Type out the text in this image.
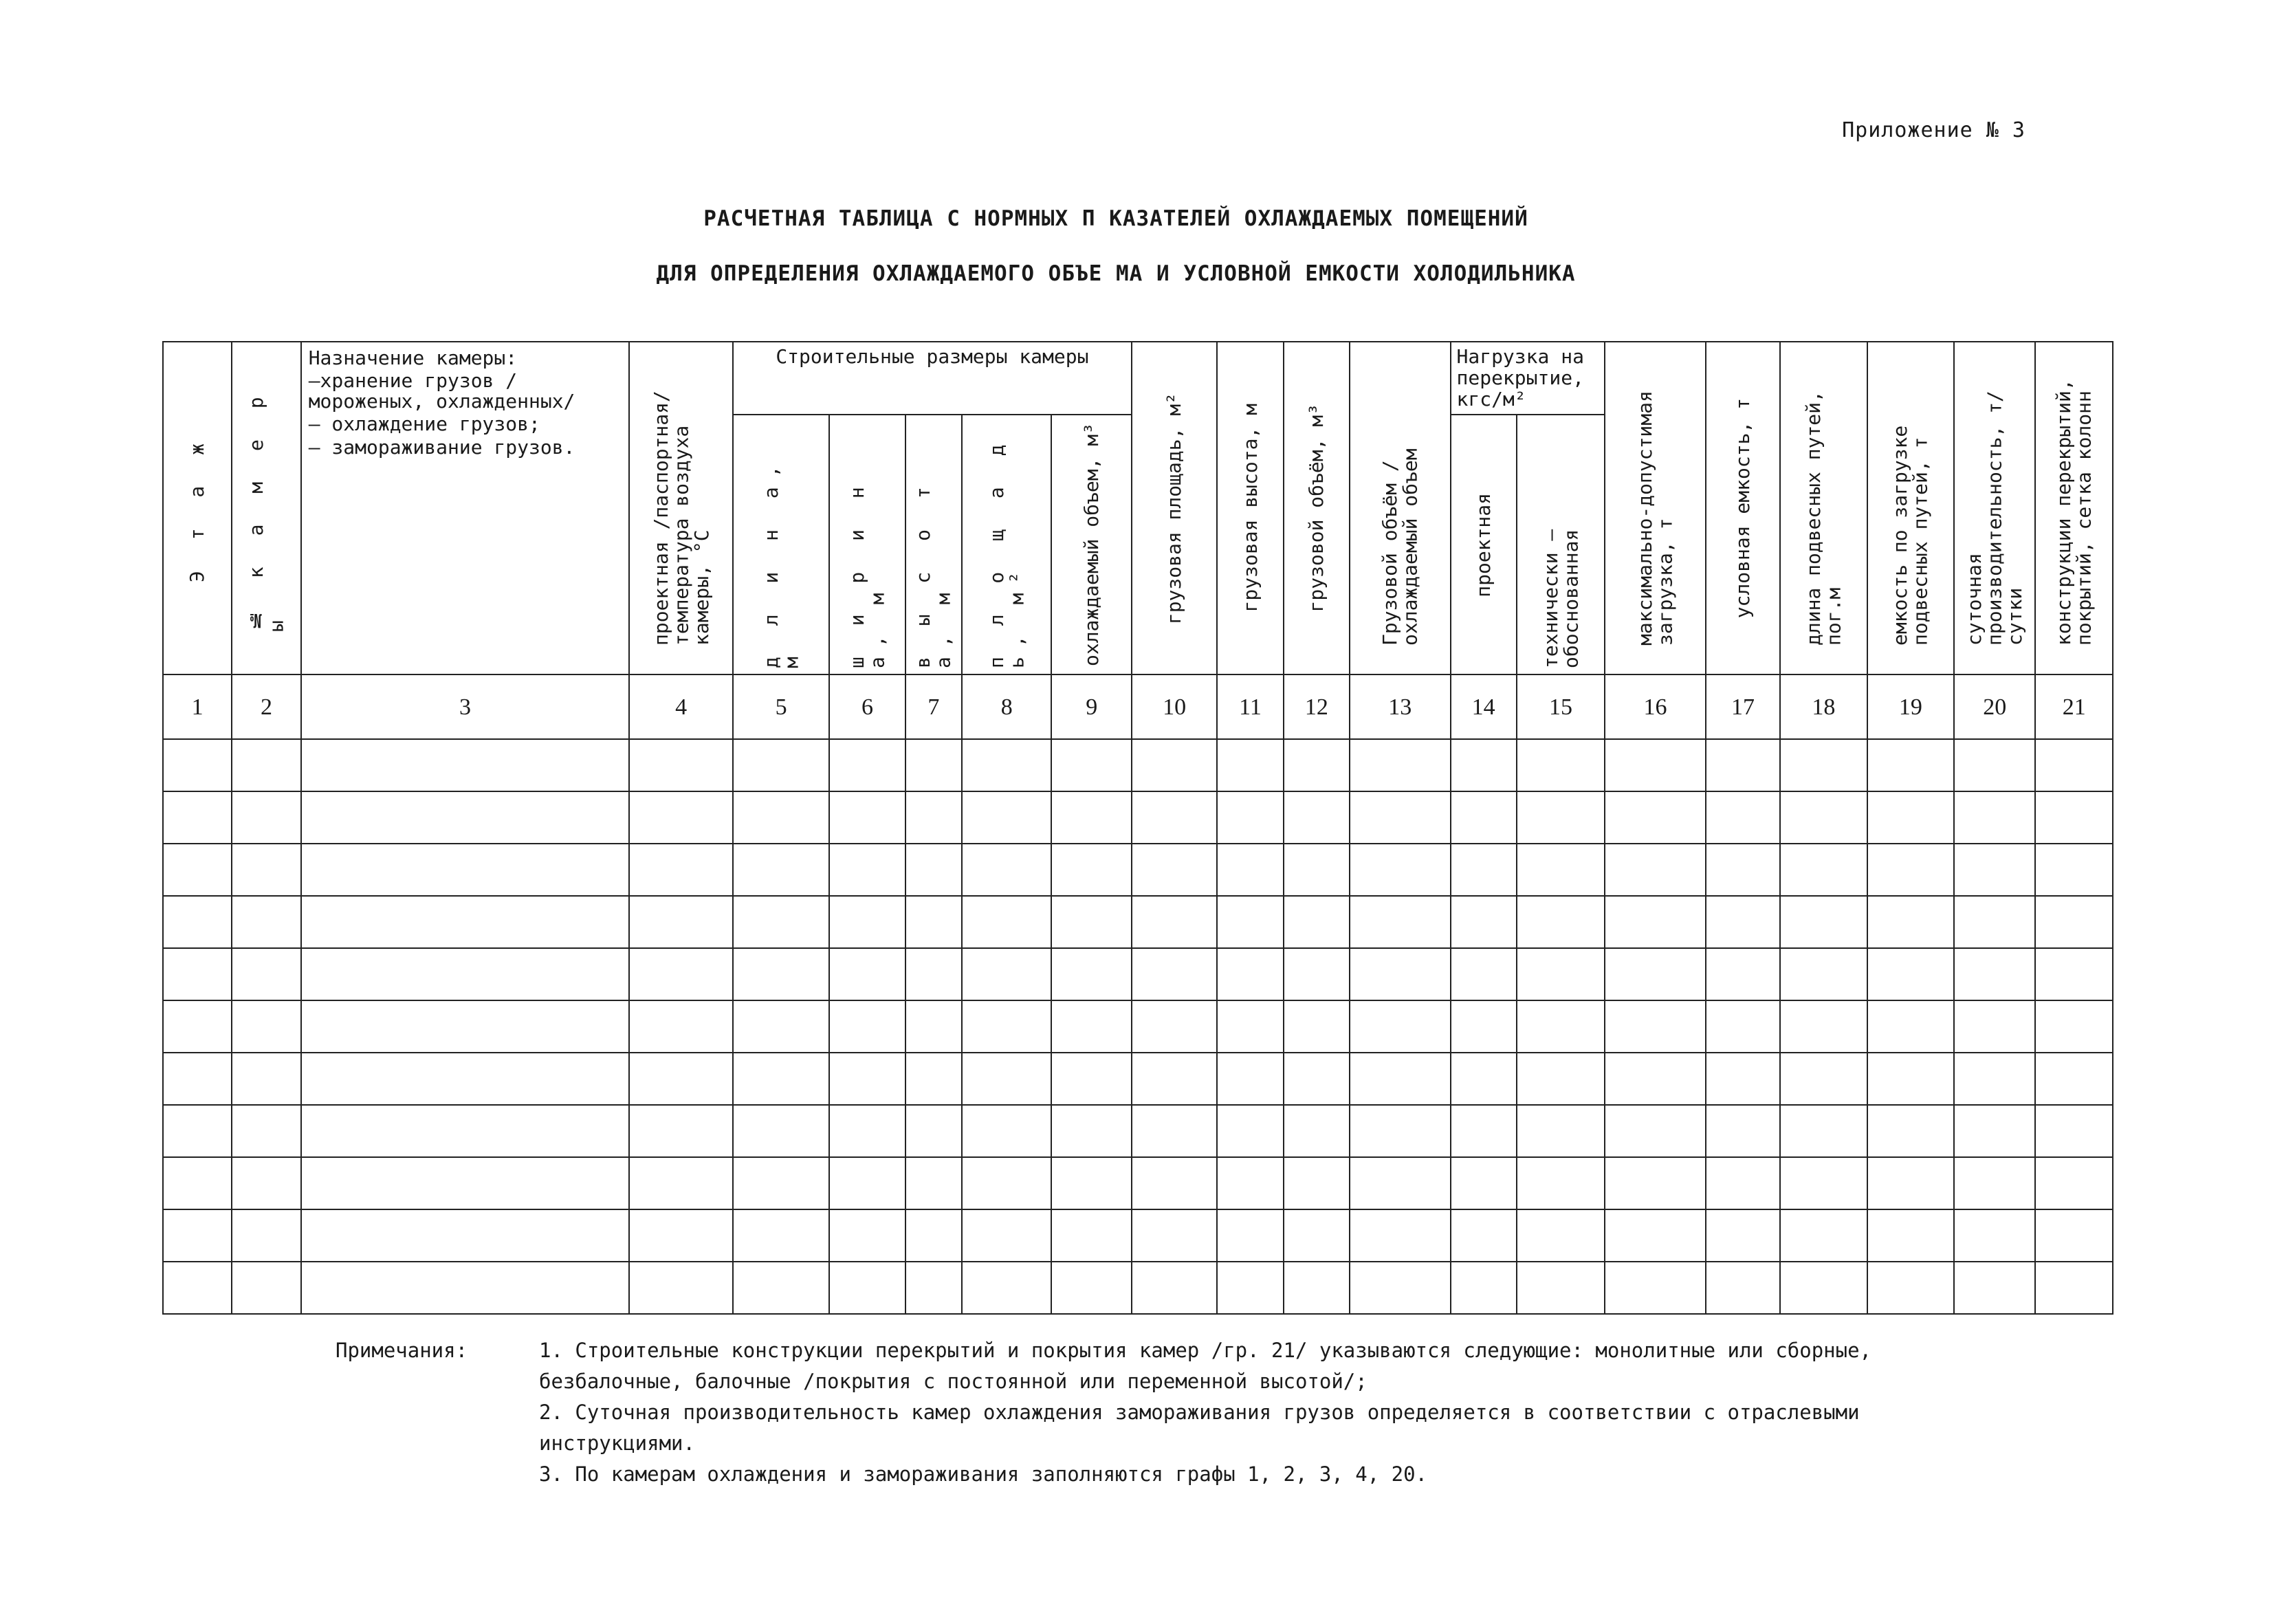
Приложение № 3
РАСЧЕТНАЯ ТАБЛИЦА С НОРМНЫХ П КАЗАТЕЛЕЙ ОХЛАЖДАЕМЫХ ПОМЕЩЕНИЙ
ДЛЯ ОПРЕДЕЛЕНИЯ ОХЛАЖДАЕМОГО ОБЪЕ МА И УСЛОВНОЙ ЕМКОСТИ ХОЛОДИЛЬНИКА
Э т а ж	№ к а м е р ы	Назначение камеры:
–хранение грузов /мороженых, охлажденных/
– охлаждение грузов;
– замораживание грузов.	проектная /паспортная/ температура воздуха камеры, °С	Строительные размеры камеры					грузовая площадь, м²	грузовая высота, м	грузовой объём, м³	Грузовой объём / охлаждаемый объем	Нагрузка на перекрытие, кгс/м²		максимально-допустимая загрузка, т	условная емкость, т	длина подвесных путей, пог.м	емкость по загрузке подвесных путей, т	суточная производительность, т/сутки	конструкции перекрытий, покрытий, сетка колонн

				д л и н а, м	ш и р и н а, м	в ы с о т а, м	п л о щ а д ь, м²	охлаждаемый объем, м³					проектная	технически – обоснованная						

1	2	3	4	5	6	7	8	9	10	11	12	13	14	15	16	17	18	19	20	21

Примечания:	1. Строительные конструкции перекрытий и покрытия камер /гр. 21/ указываются следующие: монолитные или сборные,
безбалочные, балочные /покрытия с постоянной или переменной высотой/;
2. Суточная производительность камер охлаждения замораживания грузов определяется в соответствии с отраслевыми
инструкциями.
3. По камерам охлаждения и замораживания заполняются графы 1, 2, 3, 4, 20.
